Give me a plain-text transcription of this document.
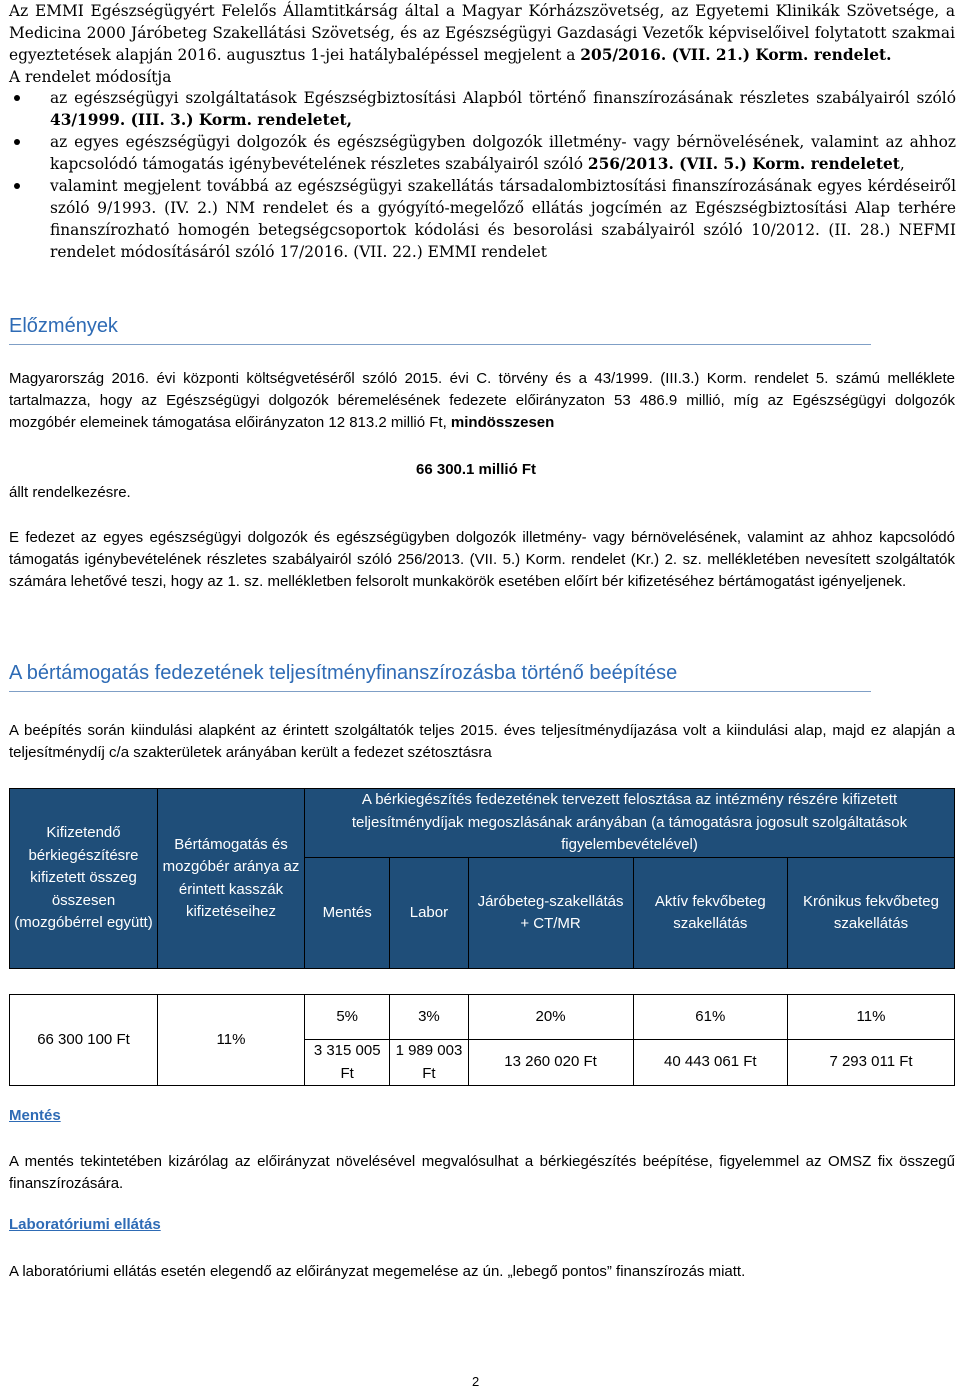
Az EMMI Egészségügyért Felelős Államtitkárság által a Magyar Kórházszövetség, az Egyetemi Klinikák Szövetsége, a Medicina 2000 Járóbeteg Szakellátási Szövetség, és az Egészségügyi Gazdasági Vezetők képviselőivel folytatott szakmai egyeztetések alapján 2016. augusztus 1-jei hatálybalépéssel megjelent a 205/2016. (VII. 21.) Korm. rendelet.
A rendelet módosítja
az egészségügyi szolgáltatások Egészségbiztosítási Alapból történő finanszírozásának részletes szabályairól szóló 43/1999. (III. 3.) Korm. rendeletet,
az egyes egészségügyi dolgozók és egészségügyben dolgozók illetmény- vagy bérnövelésének, valamint az ahhoz kapcsolódó támogatás igénybevételének részletes szabályairól szóló 256/2013. (VII. 5.) Korm. rendeletet,
valamint megjelent továbbá az egészségügyi szakellátás társadalombiztosítási finanszírozásának egyes kérdéseiről szóló 9/1993. (IV. 2.) NM rendelet és a gyógyító-megelőző ellátás jogcímén az Egészségbiztosítási Alap terhére finanszírozható homogén betegségcsoportok kódolási és besorolási szabályairól szóló 10/2012. (II. 28.) NEFMI rendelet módosításáról szóló 17/2016. (VII. 22.) EMMI rendelet
Előzmények
Magyarország 2016. évi központi költségvetéséről szóló 2015. évi C. törvény és a 43/1999. (III.3.) Korm. rendelet 5. számú melléklete tartalmazza, hogy az Egészségügyi dolgozók béremelésének fedezete előirányzaton 53 486.9 millió, míg az Egészségügyi dolgozók mozgóbér elemeinek támogatása előirányzaton 12 813.2 millió Ft, mindösszesen
66 300.1 millió Ft
állt rendelkezésre.
E fedezet az egyes egészségügyi dolgozók és egészségügyben dolgozók illetmény- vagy bérnövelésének, valamint az ahhoz kapcsolódó támogatás igénybevételének részletes szabályairól szóló 256/2013. (VII. 5.) Korm. rendelet (Kr.) 2. sz. mellékletében nevesített szolgáltatók számára lehetővé teszi, hogy az 1. sz. mellékletben felsorolt munkakörök esetében előírt bér kifizetéséhez bértámogatást igényeljenek.
A bértámogatás fedezetének teljesítményfinanszírozásba történő beépítése
A beépítés során kiindulási alapként az érintett szolgáltatók teljes 2015. éves teljesítménydíjazása volt a kiindulási alap, majd ez alapján a teljesítménydíj c/a szakterületek arányában került a fedezet szétosztásra
Kifizetendő bérkiegészítésre kifizetett összeg összesen (mozgóbérrel együtt)	Bértámogatás és mozgóbér aránya az érintett kasszák kifizetéseihez	A bérkiegészítés fedezetének tervezett felosztása az intézmény részére kifizetett teljesítménydíjak megoszlásának arányában (a támogatásra jogosult szolgáltatások figyelembevételével)				
		Mentés	Labor	Járóbeteg-szakellátás + CT/MR	Aktív fekvőbeteg szakellátás	Krónikus fekvőbeteg szakellátás

66 300 100 Ft	11%	5%	3%	20%	61%	11%
		3 315 005 Ft	1 989 003 Ft	13 260 020 Ft	40 443 061 Ft	7 293 011 Ft
Mentés
A mentés tekintetében kizárólag az előirányzat növelésével megvalósulhat a bérkiegészítés beépítése, figyelemmel az OMSZ fix összegű finanszírozására.
Laboratóriumi ellátás
A laboratóriumi ellátás esetén elegendő az előirányzat megemelése az ún. „lebegő pontos” finanszírozás miatt.
2
